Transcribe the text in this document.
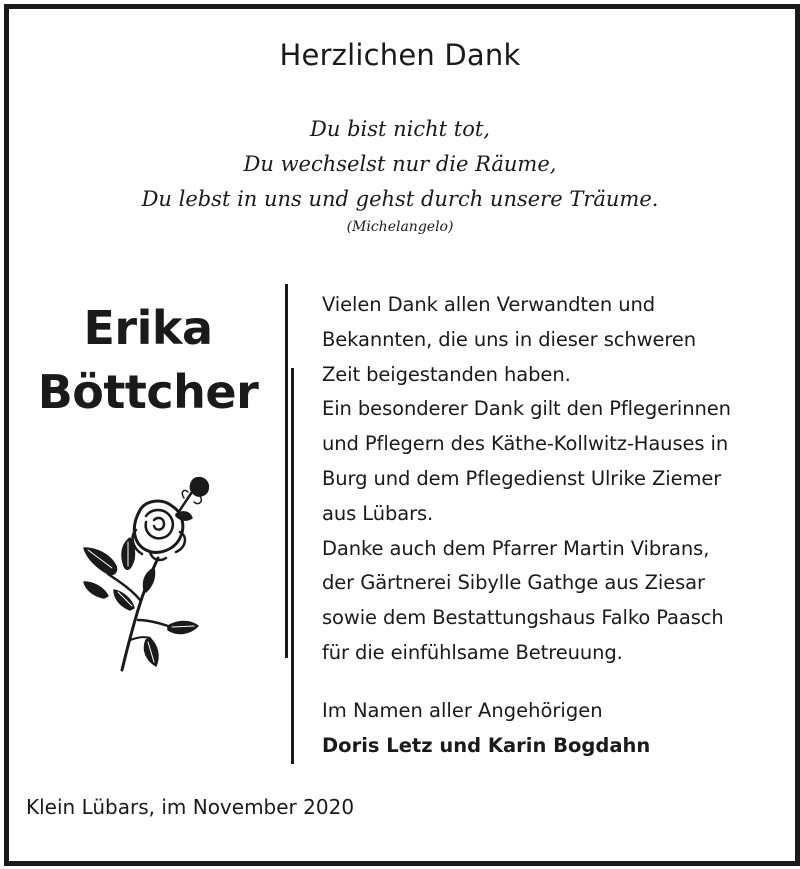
Herzlichen Dank
Du bist nicht tot,
Du wechselst nur die Räume,
Du lebst in uns und gehst durch unsere Träume.
(Michelangelo)
Erika
Böttcher
Vielen Dank allen Verwandten und
Bekannten, die uns in dieser schweren
Zeit beigestanden haben.
Ein besonderer Dank gilt den Pflegerinnen
und Pflegern des Käthe-Kollwitz-Hauses in
Burg und dem Pflegedienst Ulrike Ziemer
aus Lübars.
Danke auch dem Pfarrer Martin Vibrans,
der Gärtnerei Sibylle Gathge aus Ziesar
sowie dem Bestattungshaus Falko Paasch
für die einfühlsame Betreuung.
Im Namen aller Angehörigen
Doris Letz und Karin Bogdahn
Klein Lübars, im November 2020
